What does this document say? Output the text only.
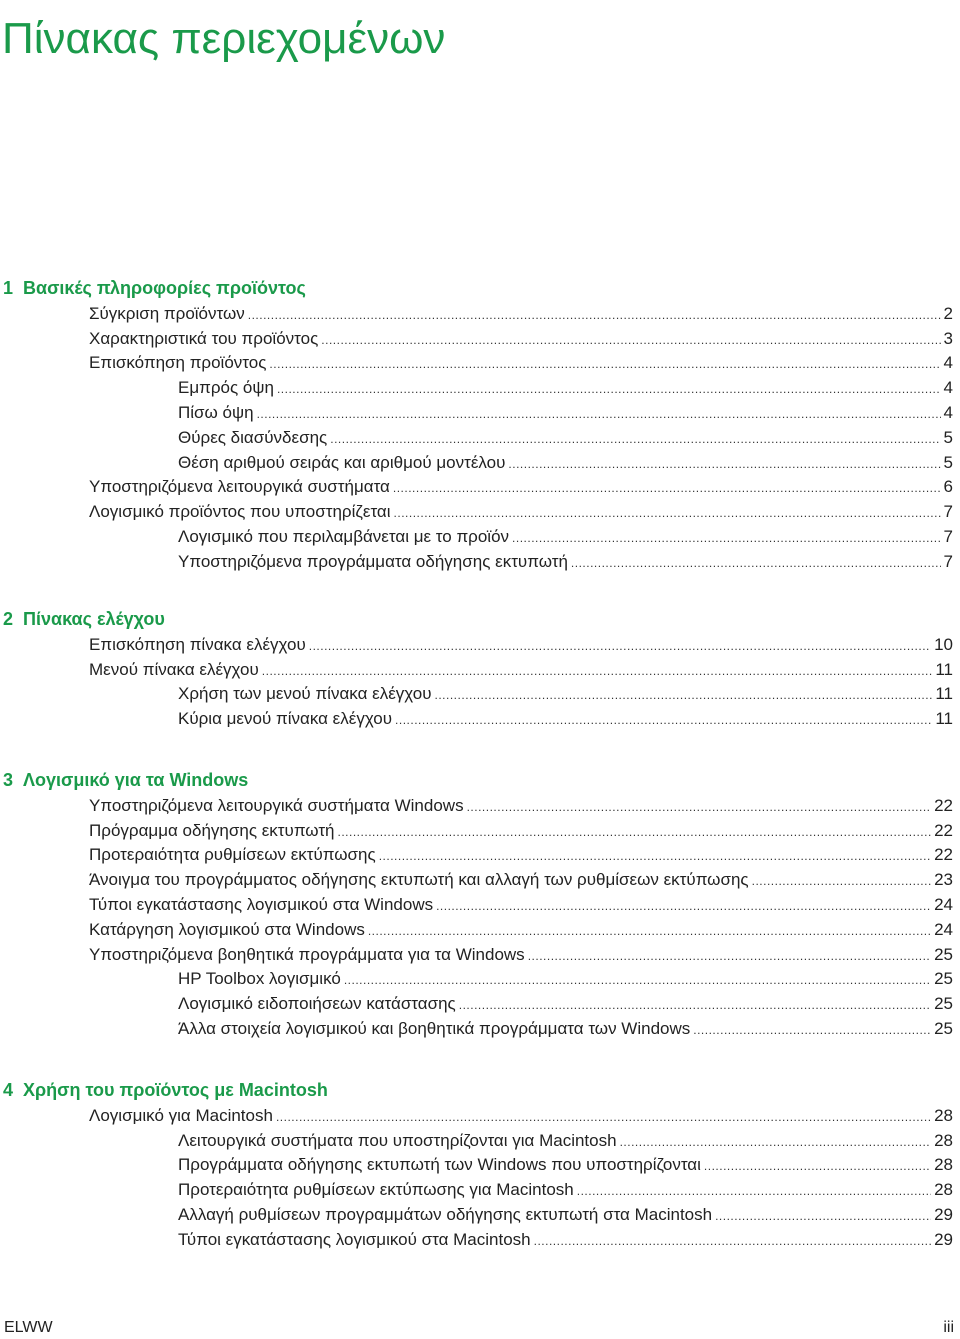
Πίνακας περιεχομένων
1 Βασικές πληροφορίες προϊόντος
Σύγκριση προϊόντων .....	2
Χαρακτηριστικά του προϊόντος .....	3
Επισκόπηση προϊόντος .....	4
Εμπρός όψη .....	4
Πίσω όψη .....	4
Θύρες διασύνδεσης .....	5
Θέση αριθμού σειράς και αριθμού μοντέλου .....	5
Υποστηριζόμενα λειτουργικά συστήματα .....	6
Λογισμικό προϊόντος που υποστηρίζεται .....	7
Λογισμικό που περιλαμβάνεται με το προϊόν .....	7
Υποστηριζόμενα προγράμματα οδήγησης εκτυπωτή .....	7
2 Πίνακας ελέγχου
Επισκόπηση πίνακα ελέγχου .....	10
Μενού πίνακα ελέγχου .....	11
Χρήση των μενού πίνακα ελέγχου .....	11
Κύρια μενού πίνακα ελέγχου .....	11
3 Λογισμικό για τα Windows
Υποστηριζόμενα λειτουργικά συστήματα Windows .....	22
Πρόγραμμα οδήγησης εκτυπωτή .....	22
Προτεραιότητα ρυθμίσεων εκτύπωσης .....	22
Άνοιγμα του προγράμματος οδήγησης εκτυπωτή και αλλαγή των ρυθμίσεων εκτύπωσης .....	23
Τύποι εγκατάστασης λογισμικού στα Windows .....	24
Κατάργηση λογισμικού στα Windows .....	24
Υποστηριζόμενα βοηθητικά προγράμματα για τα Windows .....	25
HP Toolbox λογισμικό .....	25
Λογισμικό ειδοποιήσεων κατάστασης .....	25
Άλλα στοιχεία λογισμικού και βοηθητικά προγράμματα των Windows .....	25
4 Χρήση του προϊόντος με Macintosh
Λογισμικό για Macintosh .....	28
Λειτουργικά συστήματα που υποστηρίζονται για Macintosh .....	28
Προγράμματα οδήγησης εκτυπωτή των Windows που υποστηρίζονται .....	28
Προτεραιότητα ρυθμίσεων εκτύπωσης για Macintosh .....	28
Αλλαγή ρυθμίσεων προγραμμάτων οδήγησης εκτυπωτή στα Macintosh .....	29
Τύποι εγκατάστασης λογισμικού στα Macintosh .....	29
ELWW	iii
